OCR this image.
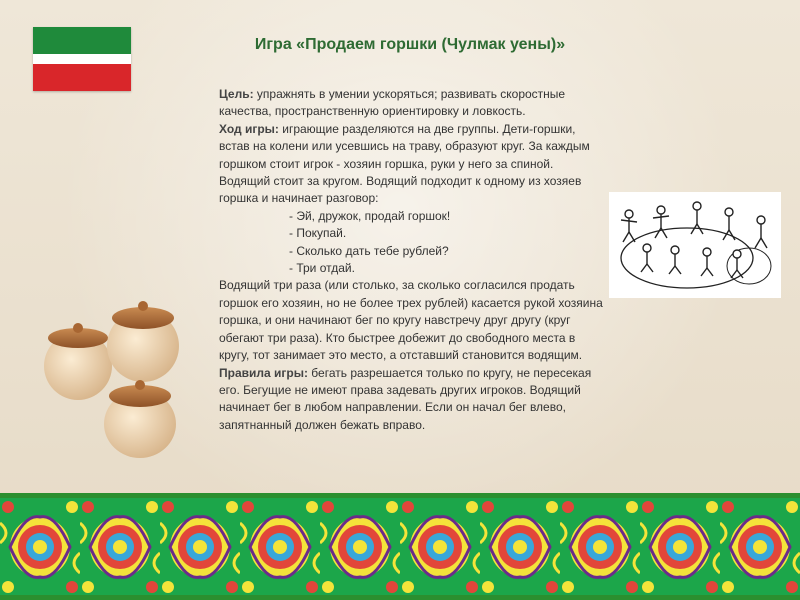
Игра «Продаем горшки (Чулмак уены)»

Цель: упражнять в умении ускоряться; развивать скоростные качества, пространственную ориентировку и ловкость.

Ход игры: играющие разделяются на две группы. Дети-горшки, встав на колени или усевшись на траву, образуют круг. За каждым горшком стоит игрок - хозяин горшка, руки у него за спиной. Водящий стоит за кругом. Водящий подходит к одному из хозяев горшка и начинает разговор:

- Эй, дружок, продай горшок!

- Покупай.

- Сколько дать тебе рублей?

- Три отдай.

Водящий три раза (или столько, за сколько согласился продать горшок его хозяин, но не более трех рублей) касается рукой хозяина горшка, и они начинают бег по кругу навстречу друг другу (круг обегают три раза). Кто быстрее добежит до свободного места в кругу, тот занимает это место, а отставший становится водящим.

Правила игры: бегать разрешается только по кругу, не пересекая его. Бегущие не имеют права задевать других игроков. Водящий начинает бег в любом направлении. Если он начал бег влево, запятнанный должен бежать вправо.
